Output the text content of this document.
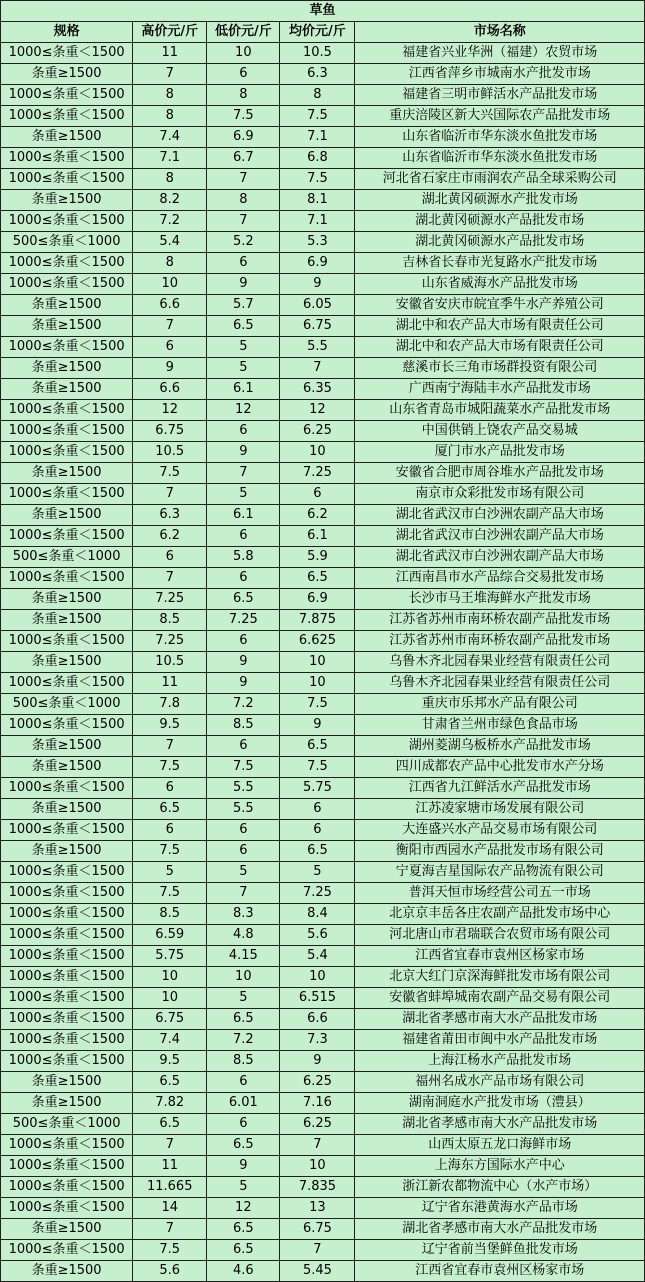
草鱼				
规格	高价元/斤	低价元/斤	均价元/斤	市场名称
1000≤条重＜1500	11	10	10.5	福建省兴业华洲（福建）农贸市场
条重≥1500	7	6	6.3	江西省萍乡市城南水产批发市场
1000≤条重＜1500	8	8	8	福建省三明市鲜活水产品批发市场
1000≤条重＜1500	8	7.5	7.5	重庆涪陵区新大兴国际农产品批发市场
条重≥1500	7.4	6.9	7.1	山东省临沂市华东淡水鱼批发市场
1000≤条重＜1500	7.1	6.7	6.8	山东省临沂市华东淡水鱼批发市场
1000≤条重＜1500	8	7	7.5	河北省石家庄市雨润农产品全球采购公司
条重≥1500	8.2	8	8.1	湖北黄冈硕源水产批发市场
1000≤条重＜1500	7.2	7	7.1	湖北黄冈硕源水产品批发市场
500≤条重＜1000	5.4	5.2	5.3	湖北黄冈硕源水产品批发市场
1000≤条重＜1500	8	6	6.9	吉林省长春市光复路水产批发市场
1000≤条重＜1500	10	9	9	山东省威海水产品批发市场
条重≥1500	6.6	5.7	6.05	安徽省安庆市皖宜季牛水产养殖公司
条重≥1500	7	6.5	6.75	湖北中和农产品大市场有限责任公司
1000≤条重＜1500	6	5	5.5	湖北中和农产品大市场有限责任公司
条重≥1500	9	5	7	慈溪市长三角市场群投资有限公司
条重≥1500	6.6	6.1	6.35	广西南宁海陆丰水产品批发市场
1000≤条重＜1500	12	12	12	山东省青岛市城阳蔬菜水产品批发市场
1000≤条重＜1500	6.75	6	6.25	中国供销上饶农产品交易城
1000≤条重＜1500	10.5	9	10	厦门市水产品批发市场
条重≥1500	7.5	7	7.25	安徽省合肥市周谷堆水产品批发市场
1000≤条重＜1500	7	5	6	南京市众彩批发市场有限公司
条重≥1500	6.3	6.1	6.2	湖北省武汉市白沙洲农副产品大市场
1000≤条重＜1500	6.2	6	6.1	湖北省武汉市白沙洲农副产品大市场
500≤条重＜1000	6	5.8	5.9	湖北省武汉市白沙洲农副产品大市场
1000≤条重＜1500	7	6	6.5	江西南昌市水产品综合交易批发市场
条重≥1500	7.25	6.5	6.9	长沙市马王堆海鲜水产批发市场
条重≥1500	8.5	7.25	7.875	江苏省苏州市南环桥农副产品批发市场
1000≤条重＜1500	7.25	6	6.625	江苏省苏州市南环桥农副产品批发市场
条重≥1500	10.5	9	10	乌鲁木齐北园春果业经营有限责任公司
1000≤条重＜1500	11	9	10	乌鲁木齐北园春果业经营有限责任公司
500≤条重＜1000	7.8	7.2	7.5	重庆市乐邦水产品有限公司
1000≤条重＜1500	9.5	8.5	9	甘肃省兰州市绿色食品市场
条重≥1500	7	6	6.5	湖州菱湖乌板桥水产品批发市场
条重≥1500	7.5	7.5	7.5	四川成都农产品中心批发市水产分场
1000≤条重＜1500	6	5.5	5.75	江西省九江鲜活水产品批发市场
条重≥1500	6.5	5.5	6	江苏凌家塘市场发展有限公司
1000≤条重＜1500	6	6	6	大连盛兴水产品交易市场有限公司
条重≥1500	7.5	6	6.5	衡阳市西园水产品批发市场有限公司
1000≤条重＜1500	5	5	5	宁夏海吉星国际农产品物流有限公司
1000≤条重＜1500	7.5	7	7.25	普洱天恒市场经营公司五一市场
1000≤条重＜1500	8.5	8.3	8.4	北京京丰岳各庄农副产品批发市场中心
1000≤条重＜1500	6.59	4.8	5.6	河北唐山市君瑞联合农贸市场有限公司
1000≤条重＜1500	5.75	4.15	5.4	江西省宜春市袁州区杨家市场
1000≤条重＜1500	10	10	10	北京大红门京深海鲜批发市场有限公司
1000≤条重＜1500	10	5	6.515	安徽省蚌埠城南农副产品交易有限公司
1000≤条重＜1500	6.75	6.5	6.6	湖北省孝感市南大水产品批发市场
1000≤条重＜1500	7.4	7.2	7.3	福建省莆田市闽中水产品批发市场
1000≤条重＜1500	9.5	8.5	9	上海江杨水产品批发市场
条重≥1500	6.5	6	6.25	福州名成水产品市场有限公司
条重≥1500	7.82	6.01	7.16	湖南洞庭水产批发市场（澧县）
500≤条重＜1000	6.5	6	6.25	湖北省孝感市南大水产品批发市场
1000≤条重＜1500	7	6.5	7	山西太原五龙口海鲜市场
1000≤条重＜1500	11	9	10	上海东方国际水产中心
1000≤条重＜1500	11.665	5	7.835	浙江新农都物流中心（水产市场）
1000≤条重＜1500	14	12	13	辽宁省东港黄海水产品市场
条重≥1500	7	6.5	6.75	湖北省孝感市南大水产品批发市场
1000≤条重＜1500	7.5	6.5	7	辽宁省前当堡鲜鱼批发市场
条重≥1500	5.6	4.6	5.45	江西省宜春市袁州区杨家市场
